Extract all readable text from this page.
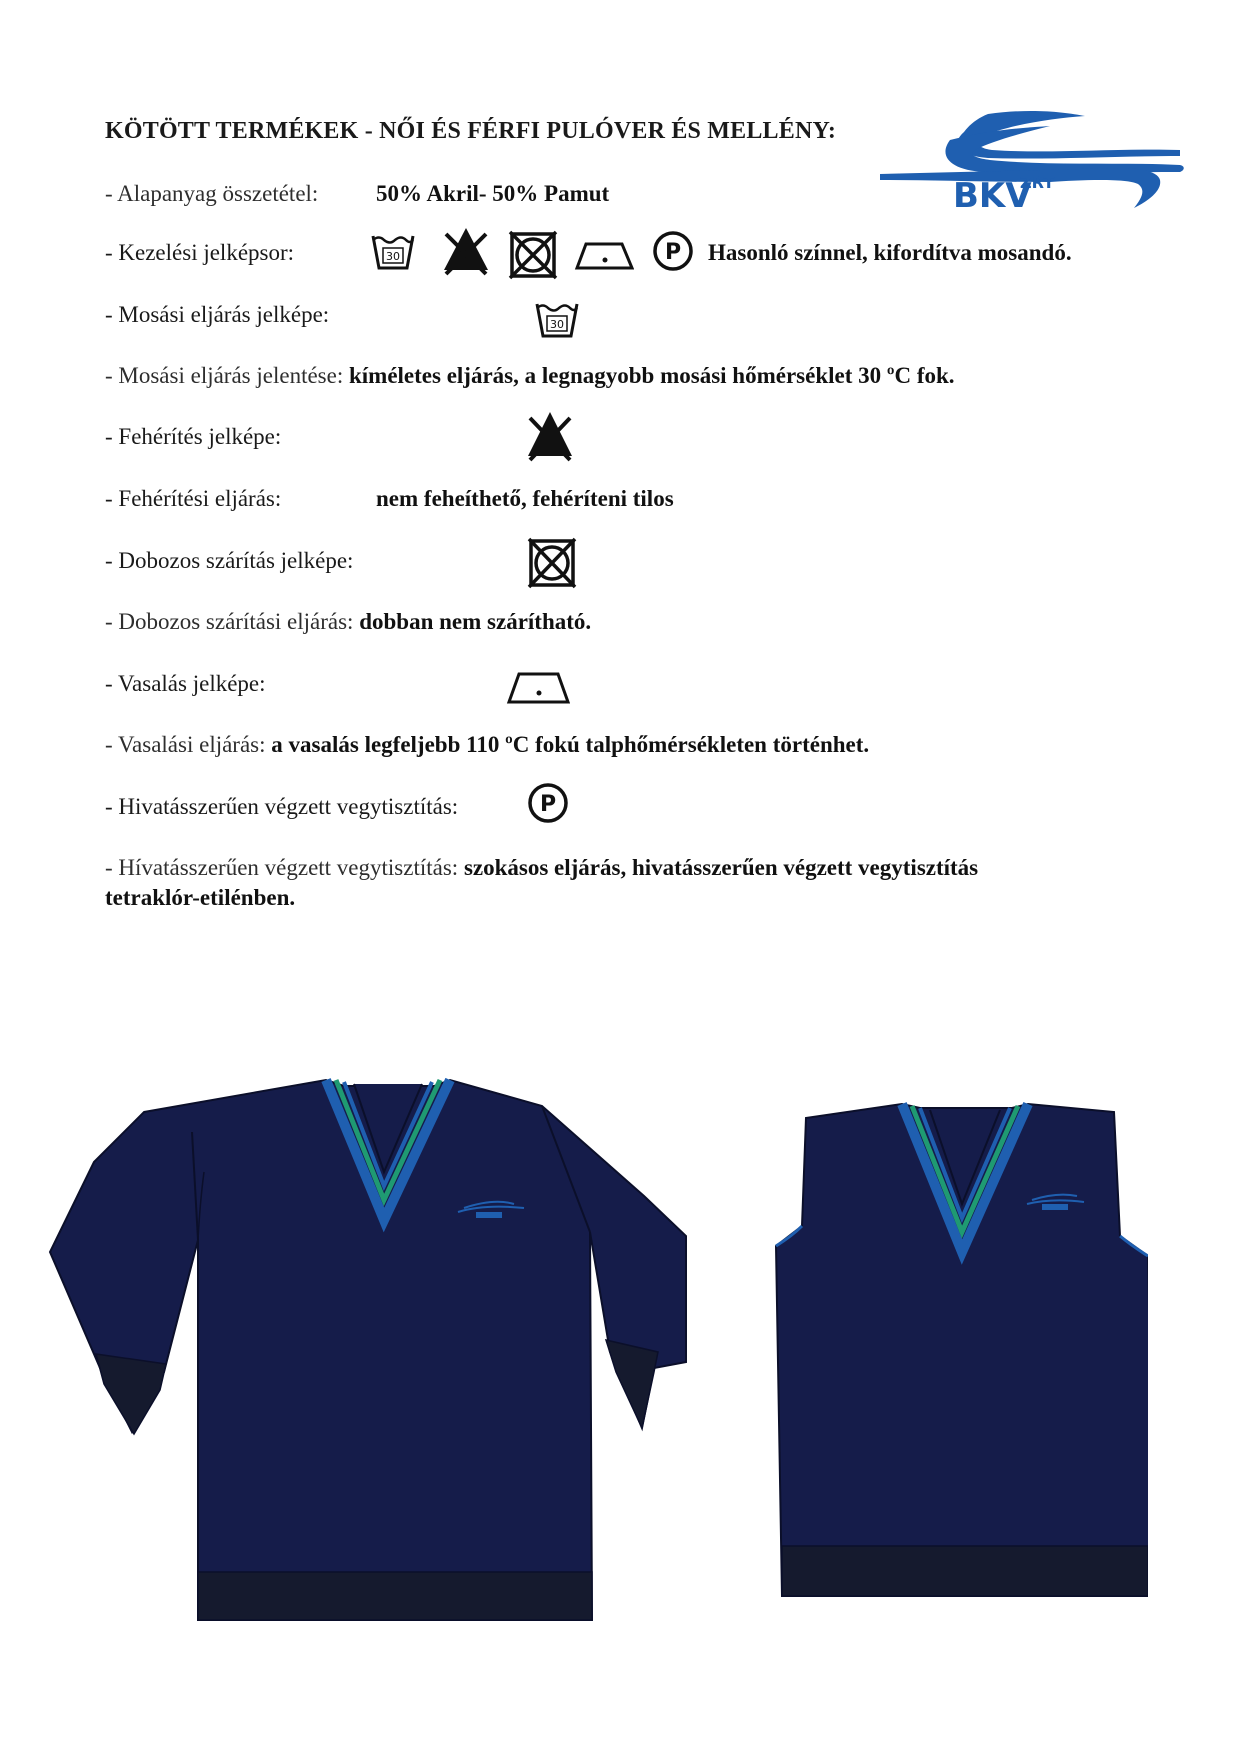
KÖTÖTT TERMÉKEK - NŐI ÉS FÉRFI PULÓVER ÉS MELLÉNY:
BKV
ZRT
- Alapanyag összetétel:	50% Akril- 50% Pamut
- Kezelési jelképsor:	30	P Hasonló színnel, kifordítva mosandó.
- Mosási eljárás jelképe:	30
- Mosási eljárás jelentése: kíméletes eljárás, a legnagyobb mosási hőmérséklet 30 ºC fok.
- Fehérítés jelképe:
- Fehérítési eljárás:	nem feheíthető, fehéríteni tilos
- Dobozos szárítás jelképe:
- Dobozos szárítási eljárás: dobban nem szárítható.
- Vasalás jelképe:
- Vasalási eljárás: a vasalás legfeljebb 110 ºC fokú talphőmérsékleten történhet.
- Hivatásszerűen végzett vegytisztítás:	P
- Hívatásszerűen végzett vegytisztítás: szokásos eljárás, hivatásszerűen végzett vegytisztítás
tetraklór-etilénben.
